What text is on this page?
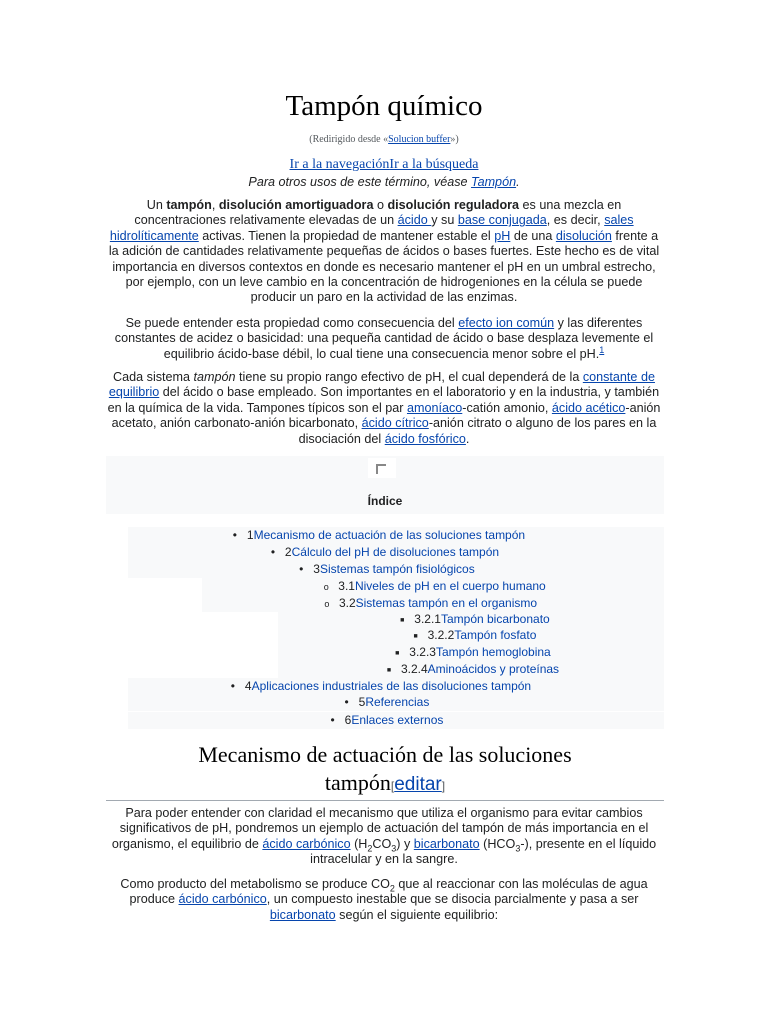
Tampón químico
(Redirigido desde «Solucion buffer»)
Ir a la navegaciónIr a la búsqueda
Para otros usos de este término, véase Tampón.

Un tampón, disolución amortiguadora o disolución reguladora es una mezcla en concentraciones relativamente elevadas de un ácido y su base conjugada, es decir, sales hidrolíticamente activas. Tienen la propiedad de mantener estable el pH de una disolución frente a la adición de cantidades relativamente pequeñas de ácidos o bases fuertes. Este hecho es de vital importancia en diversos contextos en donde es necesario mantener el pH en un umbral estrecho, por ejemplo, con un leve cambio en la concentración de hidrogeniones en la célula se puede producir un paro en la actividad de las enzimas.

Se puede entender esta propiedad como consecuencia del efecto ion común y las diferentes constantes de acidez o basicidad: una pequeña cantidad de ácido o base desplaza levemente el equilibrio ácido-base débil, lo cual tiene una consecuencia menor sobre el pH.$^1$

Cada sistema tampón tiene su propio rango efectivo de pH, el cual dependerá de la constante de equilibrio del ácido o base empleado. Son importantes en el laboratorio y en la industria, y también en la química de la vida. Tampones típicos son el par amoníaco-catión amonio, ácido acético-anión acetato, anión carbonato-anión bicarbonato, ácido cítrico-anión citrato o alguno de los pares en la disociación del ácido fosfórico.

Índice
• 1Mecanismo de actuación de las soluciones tampón
• 2Cálculo del pH de disoluciones tampón
• 3Sistemas tampón fisiológicos
o 3.1Niveles de pH en el cuerpo humano
o 3.2Sistemas tampón en el organismo
■ 3.2.1Tampón bicarbonato
■ 3.2.2Tampón fosfato
■ 3.2.3Tampón hemoglobina
■ 3.2.4Aminoácidos y proteínas
• 4Aplicaciones industriales de las disoluciones tampón
• 5Referencias
• 6Enlaces externos
Mecanismo de actuación de las soluciones
tampón[editar]

Para poder entender con claridad el mecanismo que utiliza el organismo para evitar cambios significativos de pH, pondremos un ejemplo de actuación del tampón de más importancia en el organismo, el equilibrio de ácido carbónico $(H_2CO_3)$ y bicarbonato $(HCO_3-)$, presente en el líquido intracelular y en la sangre.

Como producto del metabolismo se produce $CO_2$ que al reaccionar con las moléculas de agua produce ácido carbónico, un compuesto inestable que se disocia parcialmente y pasa a ser bicarbonato según el siguiente equilibrio:
